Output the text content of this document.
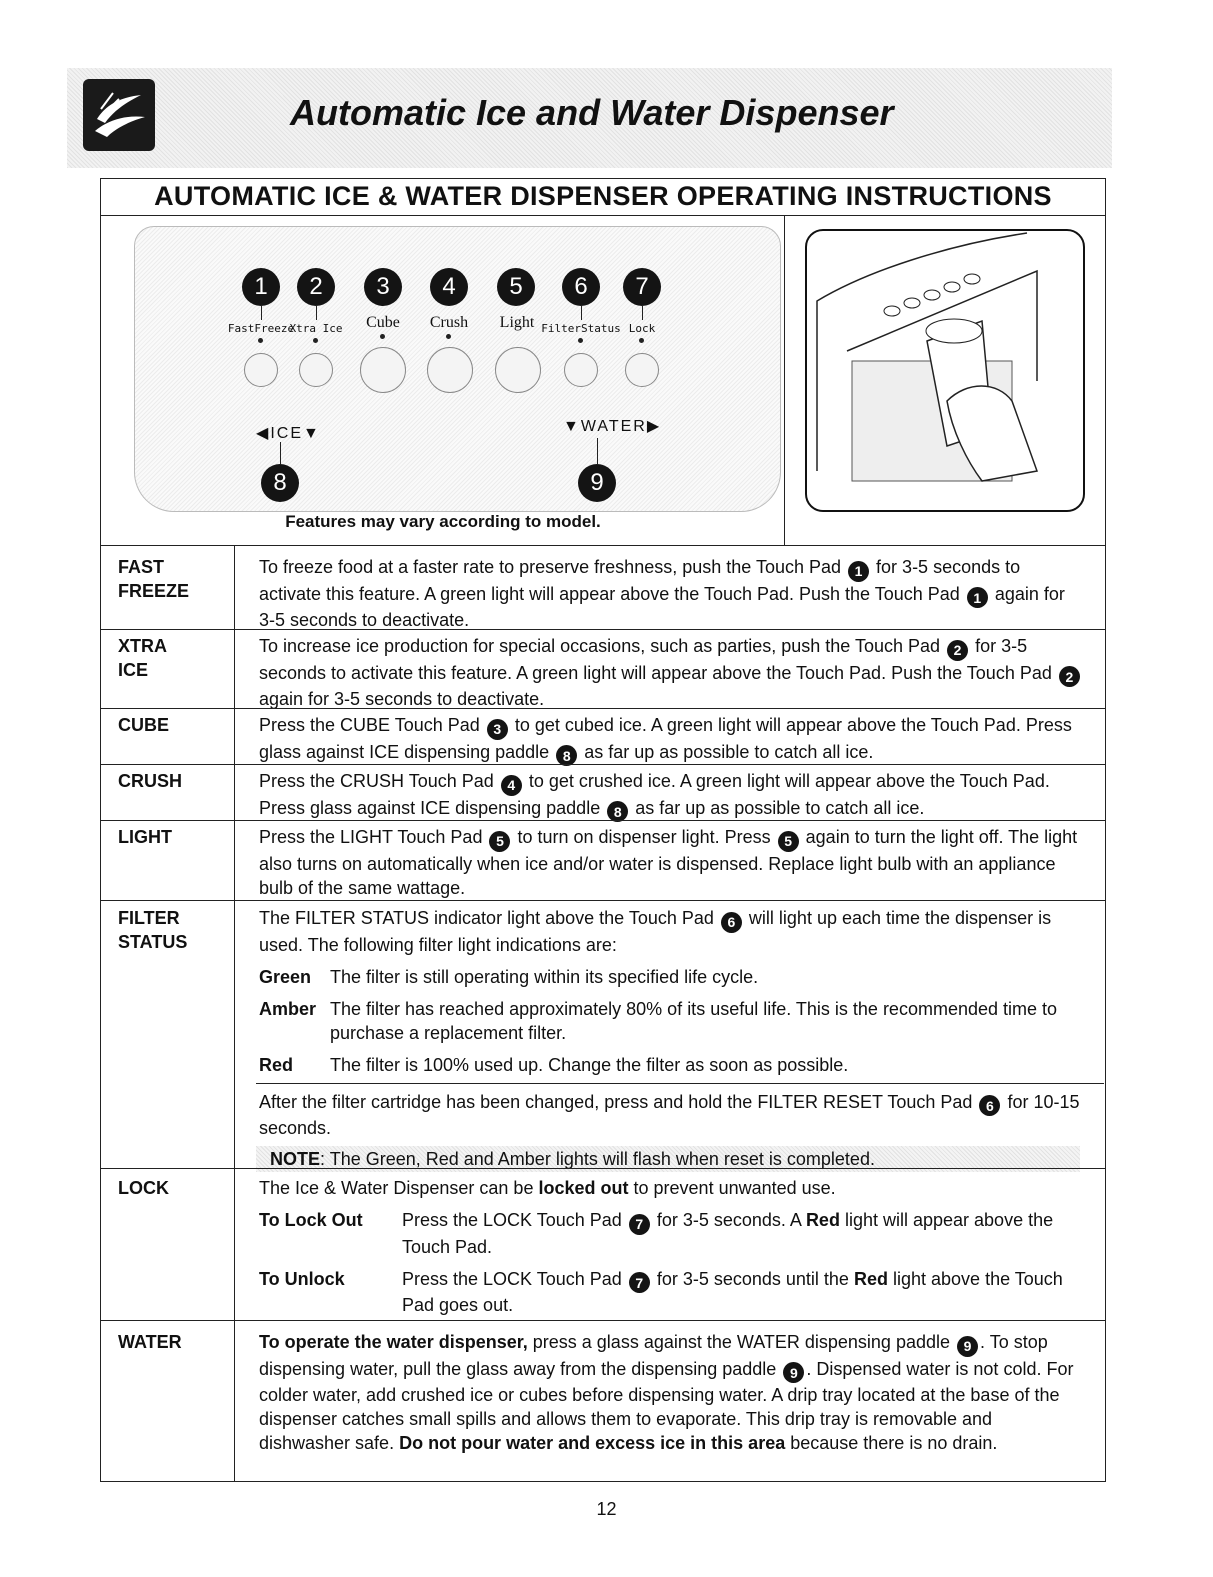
Automatic Ice and Water Dispenser
AUTOMATIC ICE & WATER DISPENSER OPERATING INSTRUCTIONS
1	2	3	4	5	6	7
FastFreeze
Xtra Ice Cube Crush Light FilterStatus Lock
◀ICE▼	▼WATER▶
8	9
Features may vary according to model.
FAST
FREEZE
To freeze food at a faster rate to preserve freshness, push the Touch Pad 1 for 3-5 seconds to activate this feature. A green light will appear above the Touch Pad. Push the Touch Pad 1 again for 3-5 seconds to deactivate.
XTRA
ICE
To increase ice production for special occasions, such as parties, push the Touch Pad 2 for 3-5 seconds to activate this feature. A green light will appear above the Touch Pad. Push the Touch Pad 2 again for 3-5 seconds to deactivate.
CUBE	Press the CUBE Touch Pad 3 to get cubed ice. A green light will appear above the Touch Pad. Press glass against ICE dispensing paddle 8 as far up as possible to catch all ice.
CRUSH	Press the CRUSH Touch Pad 4 to get crushed ice. A green light will appear above the Touch Pad. Press glass against ICE dispensing paddle 8 as far up as possible to catch all ice.
LIGHT	Press the LIGHT Touch Pad 5 to turn on dispenser light. Press 5 again to turn the light off. The light also turns on automatically when ice and/or water is dispensed. Replace light bulb with an appliance bulb of the same wattage.
FILTER
STATUS

The FILTER STATUS indicator light above the Touch Pad 6 will light up each time the dispenser is used. The following filter light indications are:

Green	The filter is still operating within its specified life cycle.
Amber The filter has reached approximately 80% of its useful life. This is the recommended time to purchase a replacement filter.
Red	The filter is 100% used up. Change the filter as soon as possible.

After the filter cartridge has been changed, press and hold the FILTER RESET Touch Pad 6 for 10-15 seconds.

NOTE: The Green, Red and Amber lights will flash when reset is completed.
LOCK	The Ice & Water Dispenser can be locked out to prevent unwanted use.

To Lock Out	Press the LOCK Touch Pad 7 for 3-5 seconds. A Red light will appear above the Touch Pad.
To Unlock	Press the LOCK Touch Pad 7 for 3-5 seconds until the Red light above the Touch Pad goes out.
WATER	To operate the water dispenser, press a glass against the WATER dispensing paddle 9 . To stop dispensing water, pull the glass away from the dispensing paddle 9 . Dispensed water is not cold. For colder water, add crushed ice or cubes before dispensing water. A drip tray located at the base of the dispenser catches small spills and allows them to evaporate. This drip tray is removable and dishwasher safe. Do not pour water and excess ice in this area because there is no drain.
12
